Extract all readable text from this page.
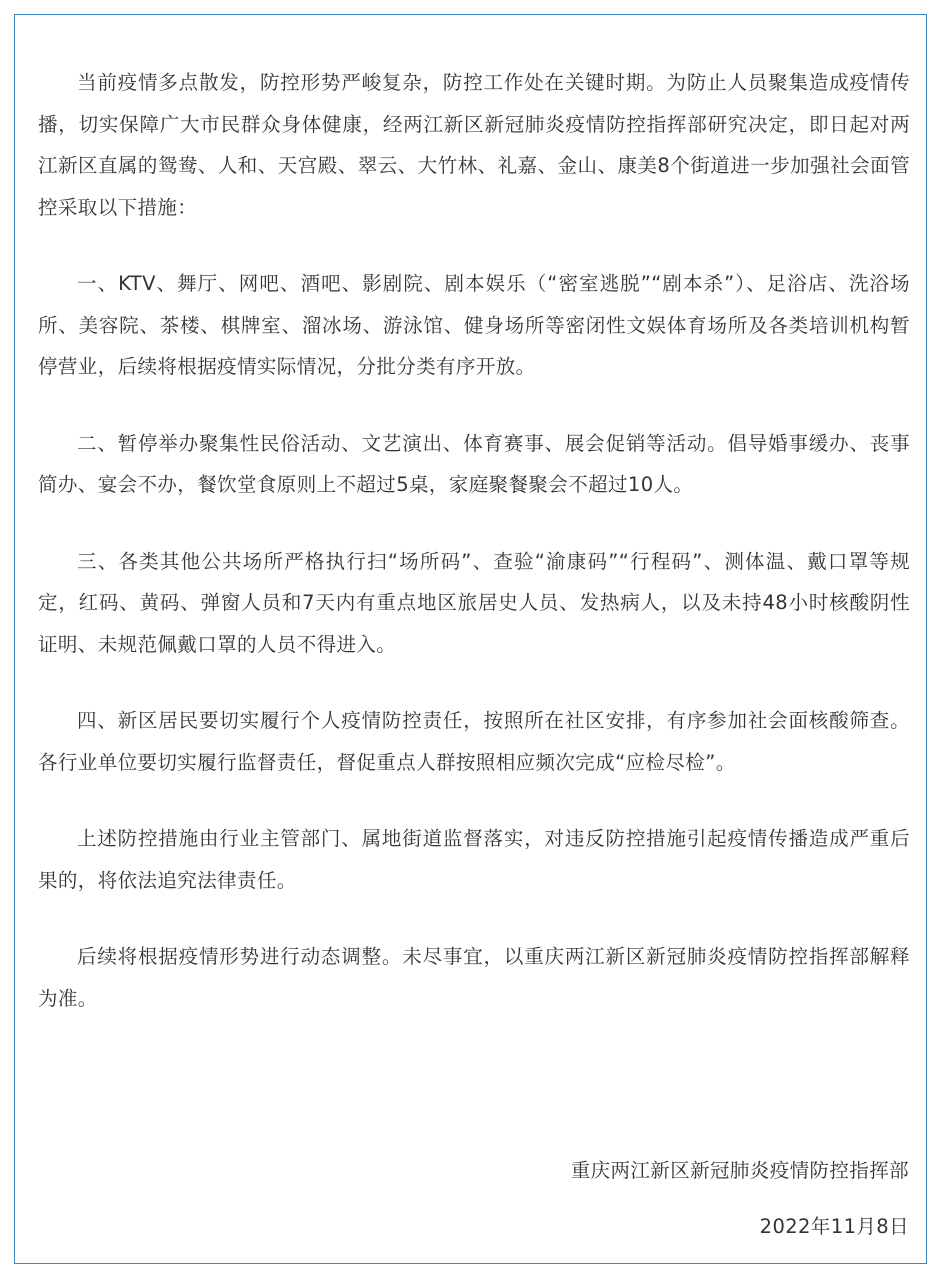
当前疫情多点散发，防控形势严峻复杂，防控工作处在关键时期。为防止人员聚集造成疫情传播，切实保障广大市民群众身体健康，经两江新区新冠肺炎疫情防控指挥部研究决定，即日起对两江新区直属的鸳鸯、人和、天宫殿、翠云、大竹林、礼嘉、金山、康美8个街道进一步加强社会面管控采取以下措施：

一、KTV、舞厅、网吧、酒吧、影剧院、剧本娱乐（“密室逃脱”“剧本杀”）、足浴店、洗浴场所、美容院、茶楼、棋牌室、溜冰场、游泳馆、健身场所等密闭性文娱体育场所及各类培训机构暂停营业，后续将根据疫情实际情况，分批分类有序开放。

二、暂停举办聚集性民俗活动、文艺演出、体育赛事、展会促销等活动。倡导婚事缓办、丧事简办、宴会不办，餐饮堂食原则上不超过5桌，家庭聚餐聚会不超过10人。

三、各类其他公共场所严格执行扫“场所码”、查验“渝康码”“行程码”、测体温、戴口罩等规定，红码、黄码、弹窗人员和7天内有重点地区旅居史人员、发热病人，以及未持48小时核酸阴性证明、未规范佩戴口罩的人员不得进入。

四、新区居民要切实履行个人疫情防控责任，按照所在社区安排，有序参加社会面核酸筛查。各行业单位要切实履行监督责任，督促重点人群按照相应频次完成“应检尽检”。

上述防控措施由行业主管部门、属地街道监督落实，对违反防控措施引起疫情传播造成严重后果的，将依法追究法律责任。

后续将根据疫情形势进行动态调整。未尽事宜，以重庆两江新区新冠肺炎疫情防控指挥部解释为准。

重庆两江新区新冠肺炎疫情防控指挥部
2022年11月8日
